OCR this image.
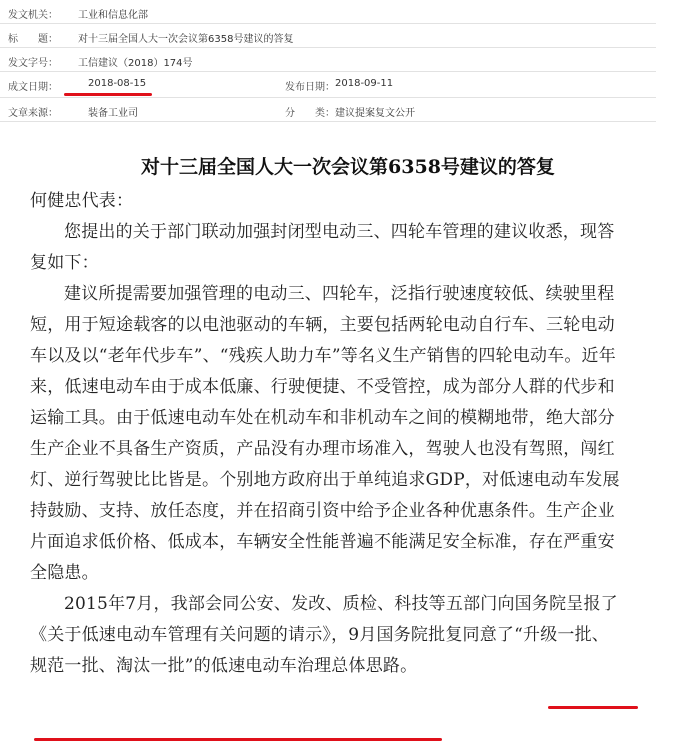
发文机关： 工业和信息化部
标　　题： 对十三届全国人大一次会议第6358号建议的答复
发文字号： 工信建议（2018）174号
成文日期：	2018-08-15	发布日期： 2018-09-11
文章来源：	装备工业司	分　　类： 建议提案复文公开
对十三届全国人大一次会议第6358号建议的答复
何健忠代表：
您提出的关于部门联动加强封闭型电动三、四轮车管理的建议收悉，现答
复如下：
建议所提需要加强管理的电动三、四轮车，泛指行驶速度较低、续驶里程
短，用于短途载客的以电池驱动的车辆，主要包括两轮电动自行车、三轮电动
车以及以“老年代步车”、“残疾人助力车”等名义生产销售的四轮电动车。近年
来，低速电动车由于成本低廉、行驶便捷、不受管控，成为部分人群的代步和
运输工具。由于低速电动车处在机动车和非机动车之间的模糊地带，绝大部分
生产企业不具备生产资质，产品没有办理市场准入，驾驶人也没有驾照，闯红
灯、逆行驾驶比比皆是。个别地方政府出于单纯追求GDP，对低速电动车发展
持鼓励、支持、放任态度，并在招商引资中给予企业各种优惠条件。生产企业
片面追求低价格、低成本，车辆安全性能普遍不能满足安全标准，存在严重安
全隐患。
2015年7月，我部会同公安、发改、质检、科技等五部门向国务院呈报了
《关于低速电动车管理有关问题的请示》，9月国务院批复同意了“升级一批、
规范一批、淘汰一批”的低速电动车治理总体思路。
